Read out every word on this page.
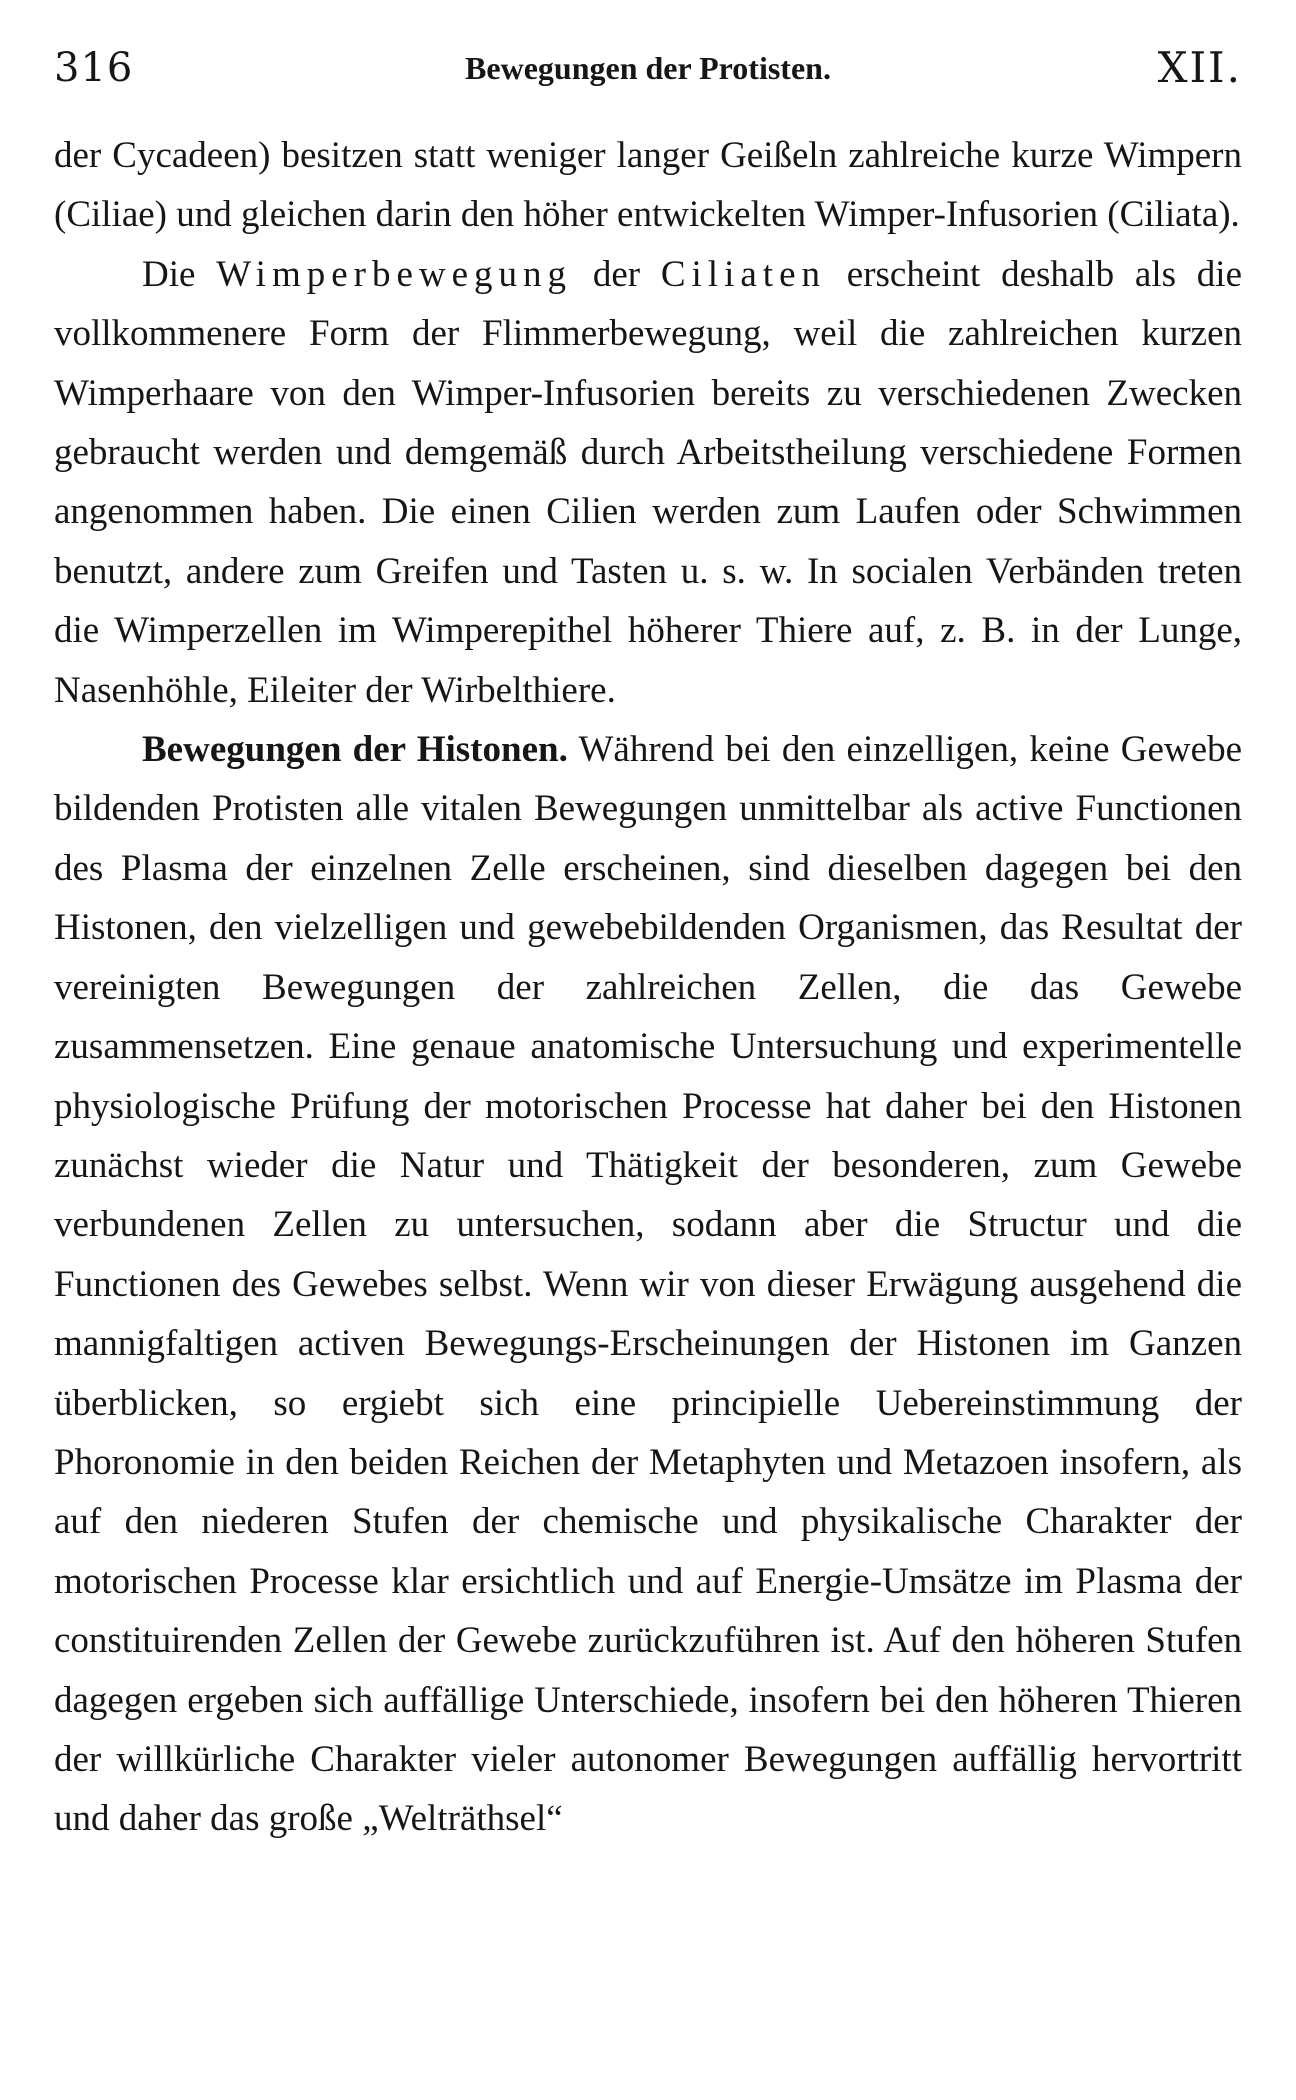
316	Bewegungen der Protisten.	XII.

der Cycadeen) besitzen statt weniger langer Geißeln zahlreiche kurze Wimpern (Ciliae) und gleichen darin den höher entwickelten Wimper-Infusorien (Ciliata).

Die Wimperbewegung der Ciliaten erscheint deshalb als die vollkommenere Form der Flimmerbewegung, weil die zahlreichen kurzen Wimperhaare von den Wimper-Infusorien bereits zu verschiedenen Zwecken gebraucht werden und demgemäß durch Arbeitstheilung verschiedene Formen angenommen haben. Die einen Cilien werden zum Laufen oder Schwimmen benutzt, andere zum Greifen und Tasten u. s. w. In socialen Verbänden treten die Wimperzellen im Wimperepithel höherer Thiere auf, z. B. in der Lunge, Nasenhöhle, Eileiter der Wirbelthiere.

Bewegungen der Histonen. Während bei den einzelligen, keine Gewebe bildenden Protisten alle vitalen Bewegungen unmittelbar als active Functionen des Plasma der einzelnen Zelle erscheinen, sind dieselben dagegen bei den Histonen, den vielzelligen und gewebebildenden Organismen, das Resultat der vereinigten Bewegungen der zahlreichen Zellen, die das Gewebe zusammensetzen. Eine genaue anatomische Untersuchung und experimentelle physiologische Prüfung der motorischen Processe hat daher bei den Histonen zunächst wieder die Natur und Thätigkeit der besonderen, zum Gewebe verbundenen Zellen zu untersuchen, sodann aber die Structur und die Functionen des Gewebes selbst. Wenn wir von dieser Erwägung ausgehend die mannigfaltigen activen Bewegungs-Erscheinungen der Histonen im Ganzen überblicken, so ergiebt sich eine principielle Uebereinstimmung der Phoronomie in den beiden Reichen der Metaphyten und Metazoen insofern, als auf den niederen Stufen der chemische und physikalische Charakter der motorischen Processe klar ersichtlich und auf Energie-Umsätze im Plasma der constituirenden Zellen der Gewebe zurückzuführen ist. Auf den höheren Stufen dagegen ergeben sich auffällige Unterschiede, insofern bei den höheren Thieren der willkürliche Charakter vieler autonomer Bewegungen auffällig hervortritt und daher das große „Welträthsel“
